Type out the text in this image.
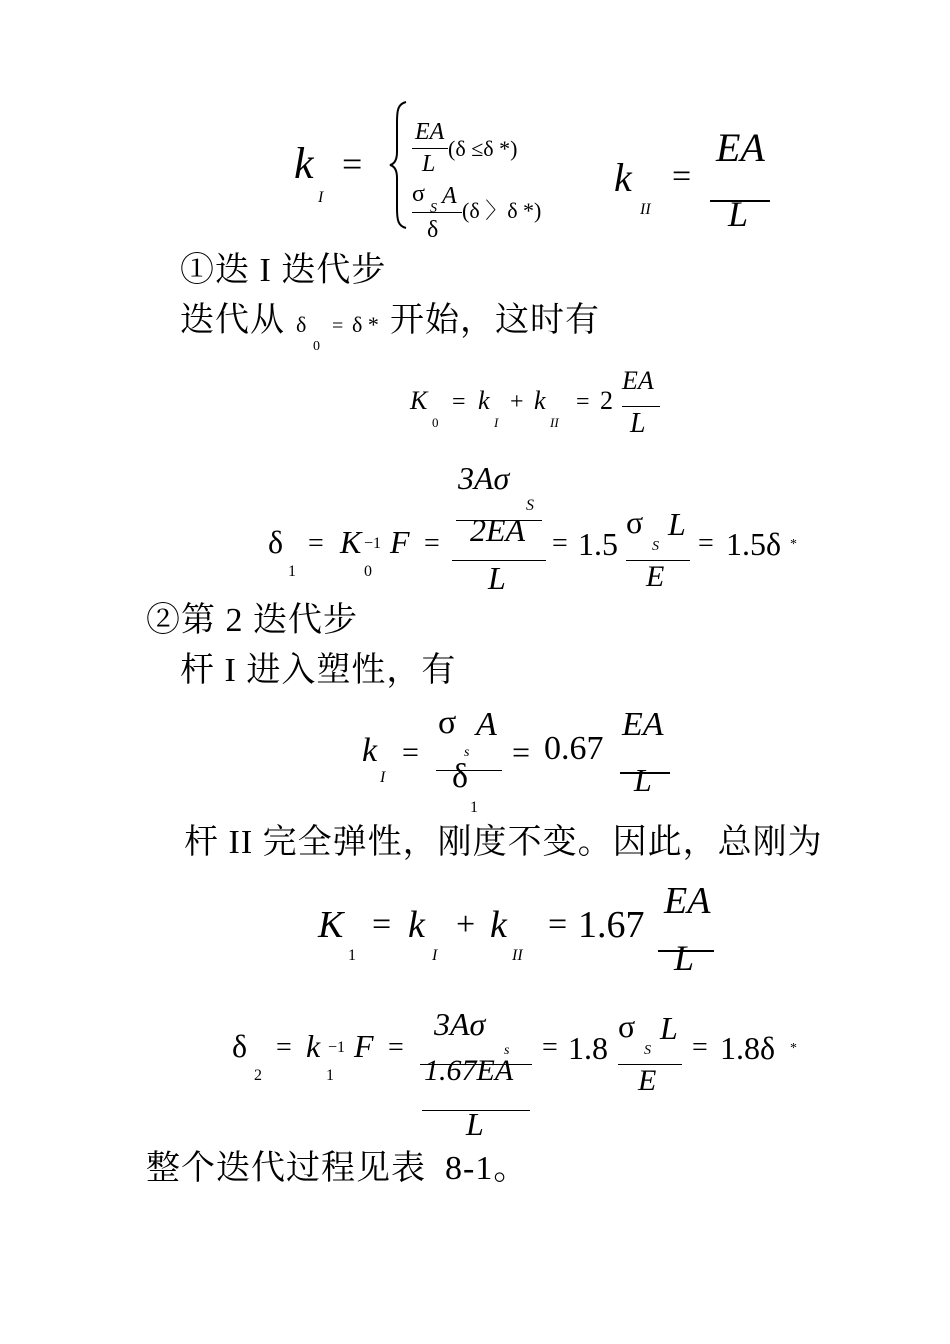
k
I
=
EA
L
(δ ≤δ *)
σ
S A
δ
(δ 〉δ *)
k
II
=
EA
L
①迭 I 迭代步
迭代从 δ
0
= δ * 开始，这时有
K
0
= k
I
+ k
II
= 2
EA
L
δ
1
= K −1
0
F =
3Aσ
S
2EA
L
= 1.5
σ
S
L
E
= 1.5δ *
②第 2 迭代步
杆 I 进入塑性，有
k
I
=
σ
s
A
δ
1
= 0.67
EA
L
杆 II 完全弹性，刚度不变。因此，总刚为
K
1
= k
I
+ k
II
= 1.67
EA
L
δ
2
= k −1
1
F =
3Aσ
s
1.67EA
L
= 1.8
σ
S
L
E
= 1.8δ *
整个迭代过程见表  8-1。
